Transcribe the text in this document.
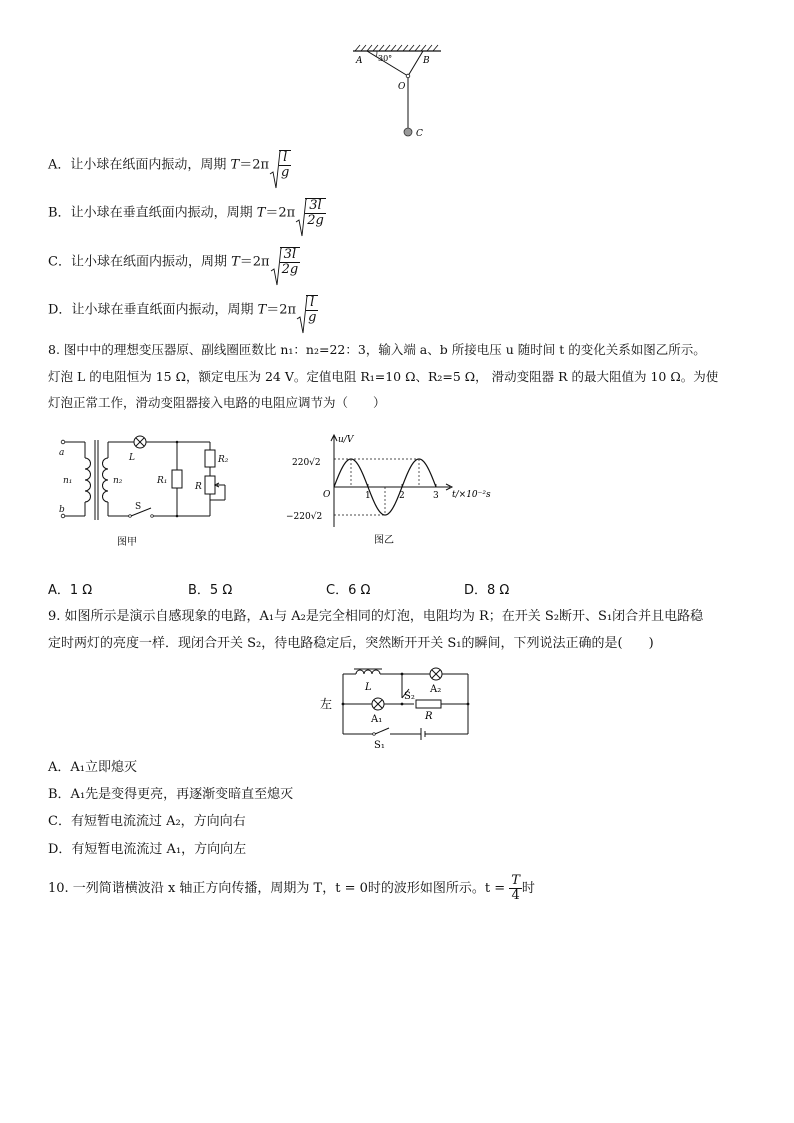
A 30°	B
O
C
A．让小球在纸面内振动，周期 $T=2\pi \frac{l}{g}$
B．让小球在垂直纸面内振动，周期 $T=2\pi \frac{3l}{2g}$
C．让小球在纸面内振动，周期 $T=2\pi \frac{3l}{2g}$
D．让小球在垂直纸面内振动，周期 $T=2\pi \frac{l}{g}$
8. 图中中的理想变压器原、副线圈匝数比 n₁：n₂=22：3，输入端 a、b 所接电压 u 随时间 t 的变化关系如图乙所示。
灯泡 L 的电阻恒为 15 Ω，额定电压为 24 V。定值电阻 R₁=10 Ω、R₂=5 Ω， 滑动变阻器 R 的最大阻值为 10 Ω。为使
灯泡正常工作，滑动变阻器接入电路的电阻应调节为（　　）
a
b
n₁	n₂
L
R₁
R₂
R
S
图甲
1	2	3
u/V
t/×10⁻²s
O
220√2
−220√2
图乙
A．1 Ω	B．5 Ω	C．6 Ω	D．8 Ω
9. 如图所示是演示自感现象的电路，A₁与 A₂是完全相同的灯泡，电阻均为 R；在开关 S₂断开、S₁闭合并且电路稳
定时两灯的亮度一样．现闭合开关 S₂，待电路稳定后，突然断开开关 S₁的瞬间，下列说法正确的是(　　)
左
L	A₂
A₁
S₂
R
S₁
A．A₁立即熄灭
B．A₁先是变得更亮，再逐渐变暗直至熄灭
C．有短暂电流流过 A₂，方向向右
D．有短暂电流流过 A₁，方向向左
10. 一列简谐横波沿 x 轴正方向传播，周期为 T，t = 0时的波形如图所示。$t = \frac{T}{4}$ 时
